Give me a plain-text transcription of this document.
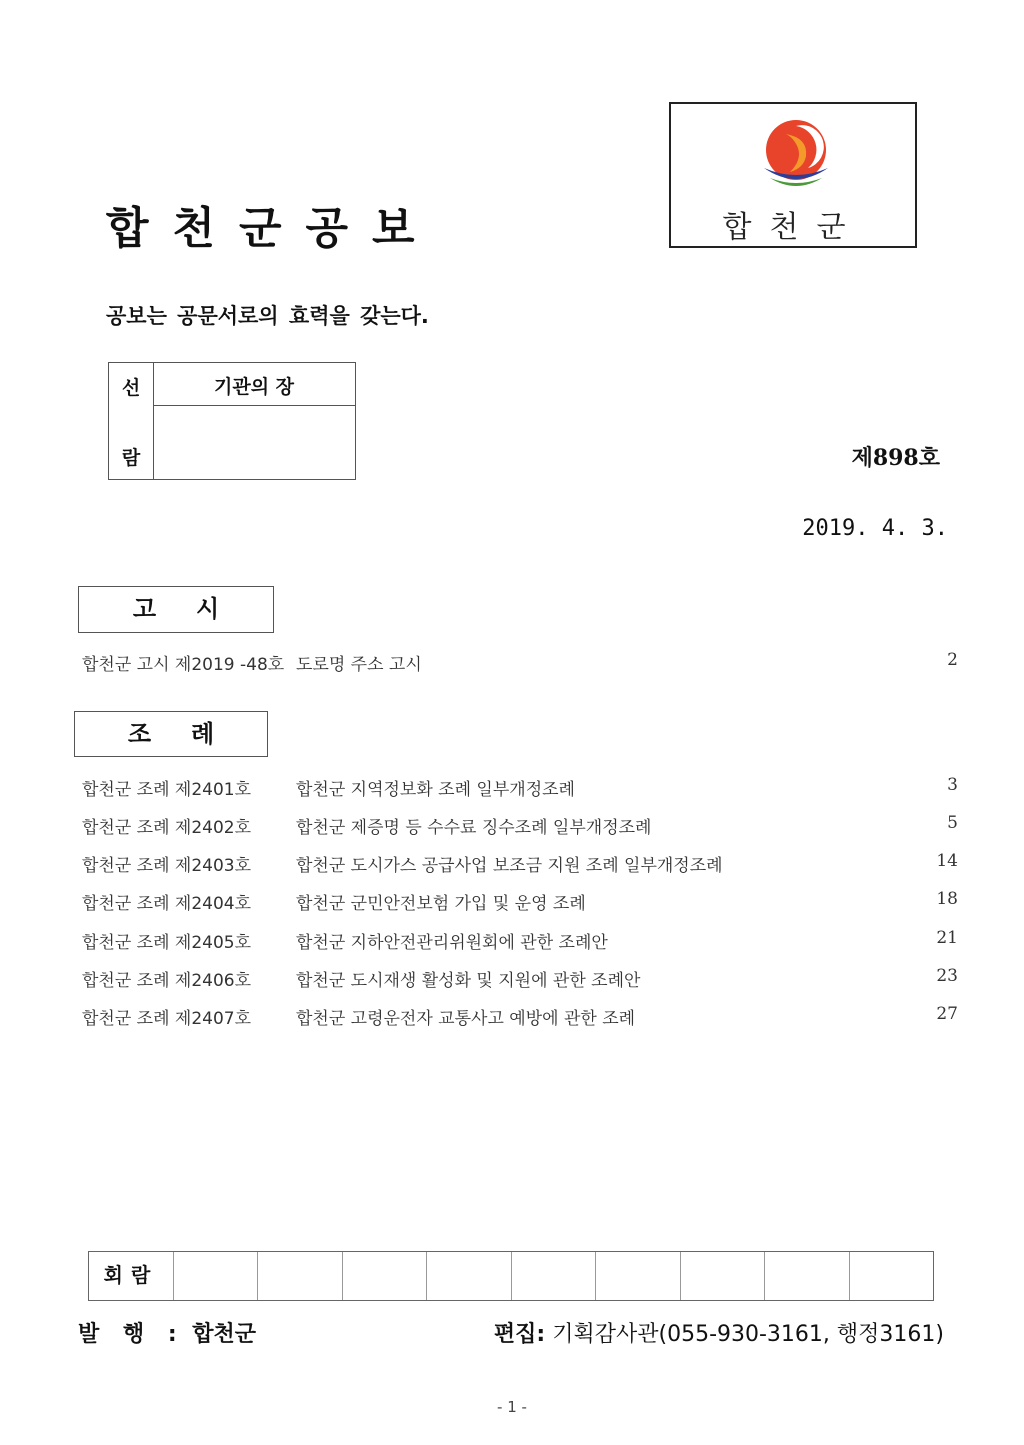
합천군공보	합천군
공보는 공문서로의 효력을 갖는다.
선
람
기관의 장
제898호
2019. 4. 3.
고 시
합천군 고시 제2019 -48호 도로명 주소 고시	2
조 례
합천군 조례 제2401호	합천군 지역정보화 조례 일부개정조례	3
합천군 조례 제2402호	합천군 제증명 등 수수료 징수조례 일부개정조례	5
합천군 조례 제2403호	합천군 도시가스 공급사업 보조금 지원 조례 일부개정조례	14
합천군 조례 제2404호	합천군 군민안전보험 가입 및 운영 조례	18
합천군 조례 제2405호	합천군 지하안전관리위원회에 관한 조례안	21
합천군 조례 제2406호	합천군 도시재생 활성화 및 지원에 관한 조례안	23
합천군 조례 제2407호	합천군 고령운전자 교통사고 예방에 관한 조례	27
회람
발 행 : 합천군	편집: 기획감사관(055-930-3161, 행정3161)
- 1 -
